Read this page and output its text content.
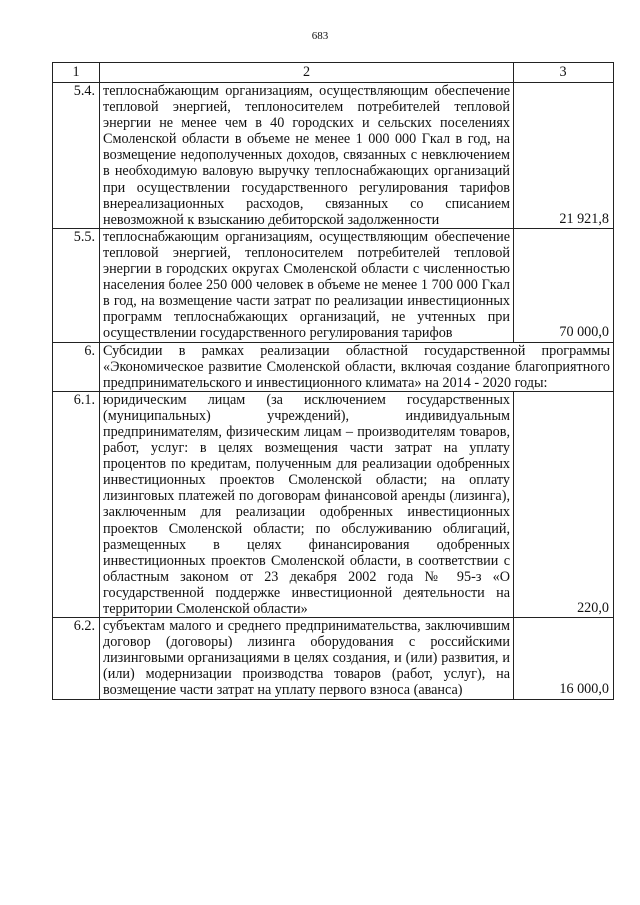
683
1	2	3
5.4.	теплоснабжающим организациям, осуществляющим обеспечение тепловой энергией, теплоносителем потребителей тепловой энергии не менее чем в 40 городских и сельских поселениях Смоленской области в объеме не менее 1 000 000 Гкал в год, на возмещение недополученных доходов, связанных с невключением в необходимую валовую выручку теплоснабжающих организаций при осуществлении государственного регулирования тарифов внереализационных расходов, связанных со списанием невозможной к взысканию дебиторской задолженности	21 921,8
5.5.	теплоснабжающим организациям, осуществляющим обеспечение тепловой энергией, теплоносителем потребителей тепловой энергии в городских округах Смоленской области с численностью населения более 250 000 человек в объеме не менее 1 700 000 Гкал в год, на возмещение части затрат по реализации инвестиционных программ теплоснабжающих организаций, не учтенных при осуществлении государственного регулирования тарифов	70 000,0
6.	Субсидии в рамках реализации областной государственной программы «Экономическое развитие Смоленской области, включая создание благоприятного предпринимательского и инвестиционного климата» на 2014 - 2020 годы:	
6.1.	юридическим лицам (за исключением государственных (муниципальных) учреждений), индивидуальным предпринимателям, физическим лицам – производителям товаров, работ, услуг: в целях возмещения части затрат на уплату процентов по кредитам, полученным для реализации одобренных инвестиционных проектов Смоленской области; на оплату лизинговых платежей по договорам финансовой аренды (лизинга), заключенным для реализации одобренных инвестиционных проектов Смоленской области; по обслуживанию облигаций, размещенных в целях финансирования одобренных инвестиционных проектов Смоленской области, в соответствии с областным законом от 23 декабря 2002 года № 95-з «О государственной поддержке инвестиционной деятельности на территории Смоленской области»	220,0
6.2.	субъектам малого и среднего предпринимательства, заключившим договор (договоры) лизинга оборудования с российскими лизинговыми организациями в целях создания, и (или) развития, и (или) модернизации производства товаров (работ, услуг), на возмещение части затрат на уплату первого взноса (аванса)	16 000,0
